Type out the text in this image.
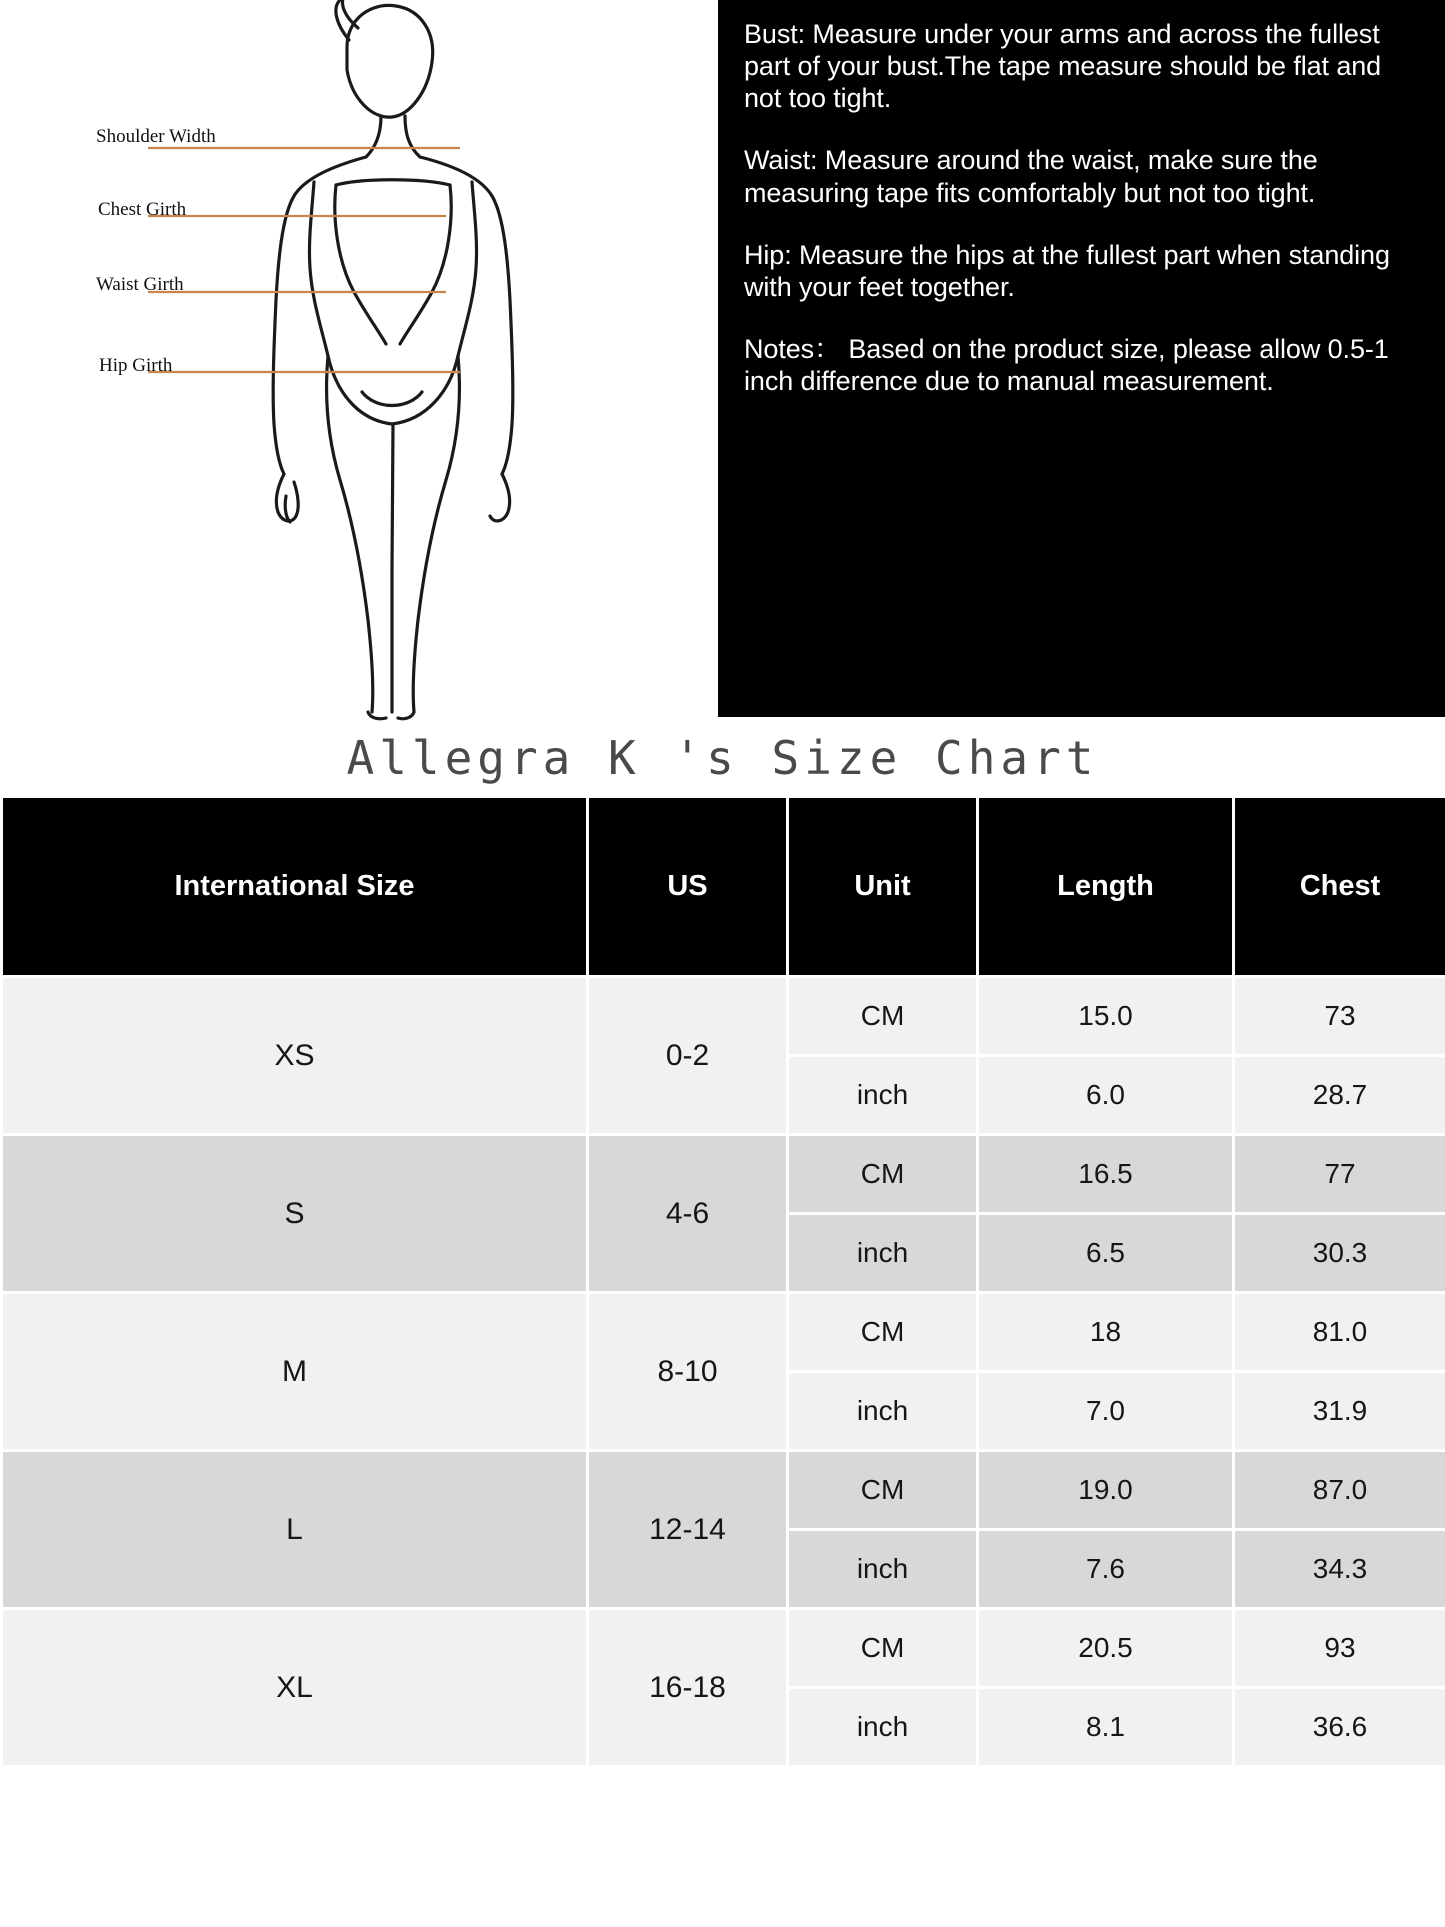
Shoulder Width
Chest Girth
Waist Girth
Hip Girth

Bust: Measure under your arms and across the fullest part of your bust.The tape measure should be flat and not too tight.

Waist: Measure around the waist, make sure the measuring tape fits comfortably but not too tight.

Hip: Measure the hips at the fullest part when standing with your feet together.

Notes： Based on the product size, please allow 0.5-1 inch difference due to manual measurement.

Allegra K 's Size Chart
International Size	US	Unit	Length	Chest
XS	0-2	CM	15.0	73
		inch	6.0	28.7
S	4-6	CM	16.5	77
		inch	6.5	30.3
M	8-10	CM	18	81.0
		inch	7.0	31.9
L	12-14	CM	19.0	87.0
		inch	7.6	34.3
XL	16-18	CM	20.5	93
		inch	8.1	36.6
